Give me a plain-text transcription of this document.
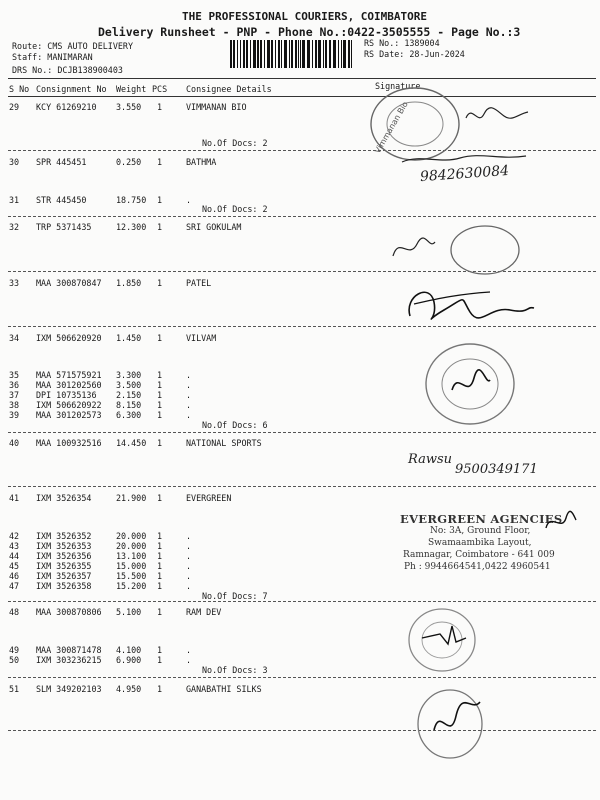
THE PROFESSIONAL COURIERS, COIMBATORE
Delivery Runsheet - PNP - Phone No.:0422-3505555 - Page No.:3
Route: CMS AUTO DELIVERY
Staff: MANIMARAN
DRS No.: DCJB138900403
RS No.: 1389004
RS Date: 28-Jun-2024
S No Consignment No Weight PCS Consignee Details	Signature
29 KCY 61269210 3.550 1	VIMMANAN BIO
No.Of Docs: 2
30 SPR 445451	0.250 1	BATHMA
31 STR 445450	18.750 1	.
No.Of Docs: 2
32 TRP 5371435	12.300 1	SRI GOKULAM
33 MAA 300870847 1.850 1	PATEL
34 IXM 506620920 1.450 1	VILVAM
35 MAA 571575921 3.300 1	.
36 MAA 301202560 3.500 1	.
37 DPI 10735136 2.150 1	.
38 IXM 506620922 8.150 1	.
39 MAA 301202573 6.300 1	.
No.Of Docs: 6
40 MAA 100932516 14.450 1	NATIONAL SPORTS
41 IXM 3526354	21.900 1	EVERGREEN
42 IXM 3526352	20.000 1	.
43 IXM 3526353	20.000 1	.
44 IXM 3526356	13.100 1	.
45 IXM 3526355	15.000 1	.
46 IXM 3526357	15.500 1	.
47 IXM 3526358	15.200 1	.
No.Of Docs: 7
48 MAA 300870806 5.100 1	RAM DEV
49 MAA 300871478 4.100 1	.
50 IXM 303236215 6.900 1	.
No.Of Docs: 3
51 SLM 349202103 4.950 1	GANABATHI SILKS
Vimmanan Bio
9842630084
Rawsu
9500349171
EVERGREEN AGENCIES
No: 3A, Ground Floor,
Swamaambika Layout,
Ramnagar, Coimbatore - 641 009
Ph : 9944664541,0422 4960541
